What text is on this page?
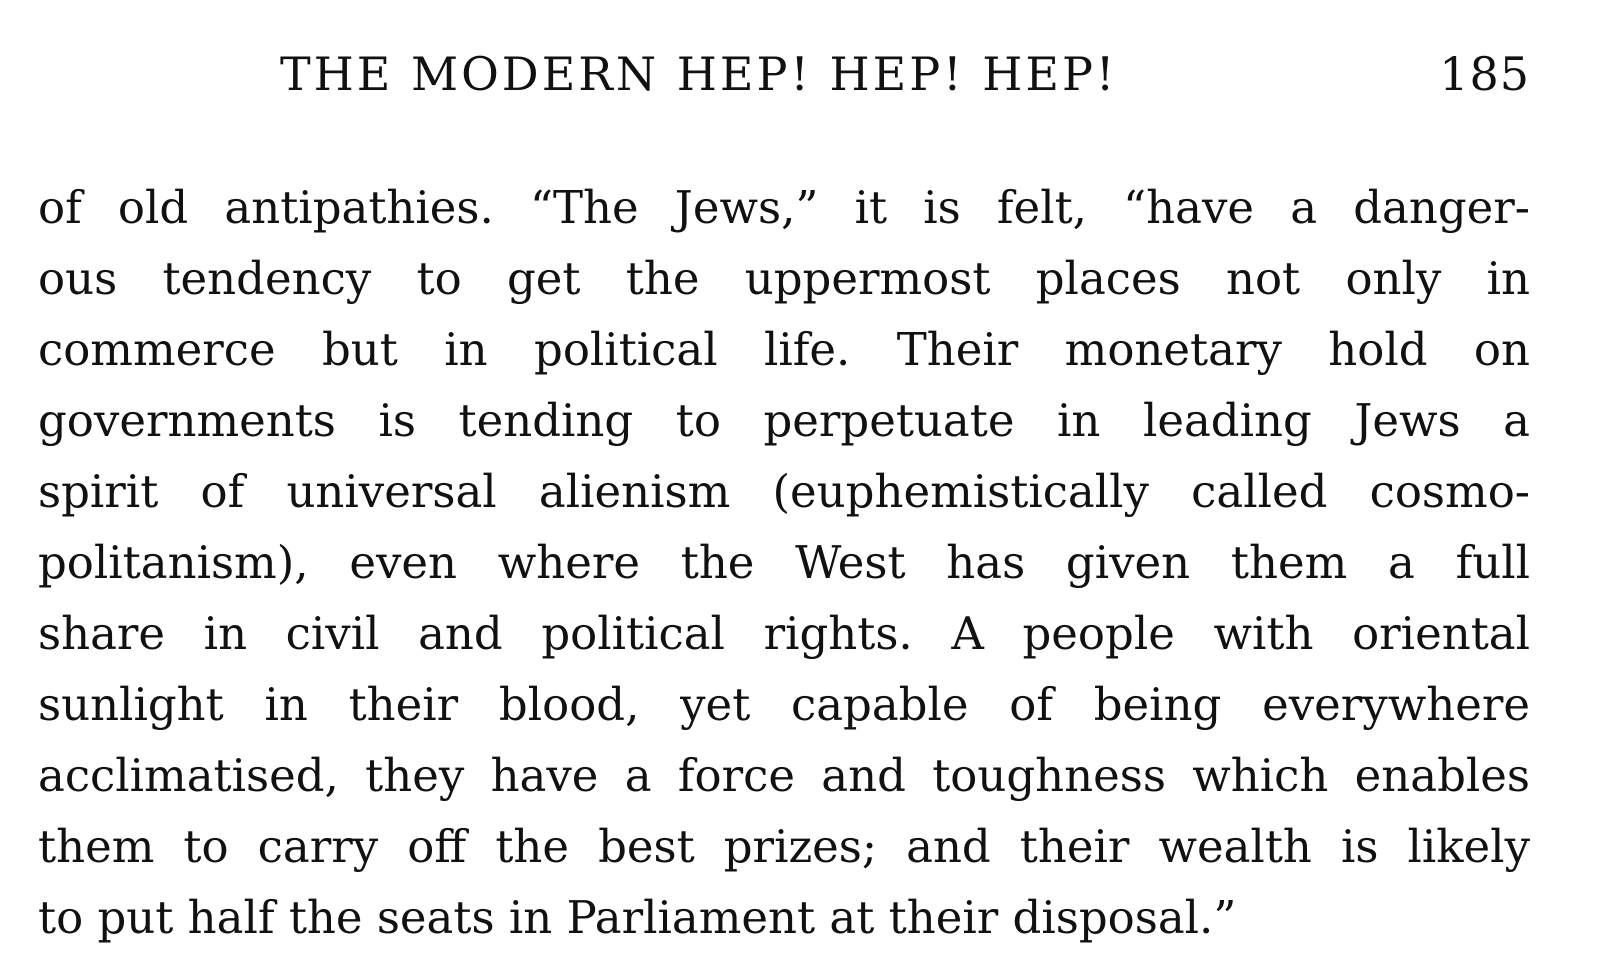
THE MODERN HEP! HEP! HEP!	185
of old antipathies. “The Jews,” it is felt, “have a danger-
ous tendency to get the uppermost places not only in
commerce but in political life. Their monetary hold on
governments is tending to perpetuate in leading Jews a
spirit of universal alienism (euphemistically called cosmo-
politanism), even where the West has given them a full
share in civil and political rights. A people with oriental
sunlight in their blood, yet capable of being everywhere
acclimatised, they have a force and toughness which enables
them to carry off the best prizes; and their wealth is likely
to put half the seats in Parliament at their disposal.”
